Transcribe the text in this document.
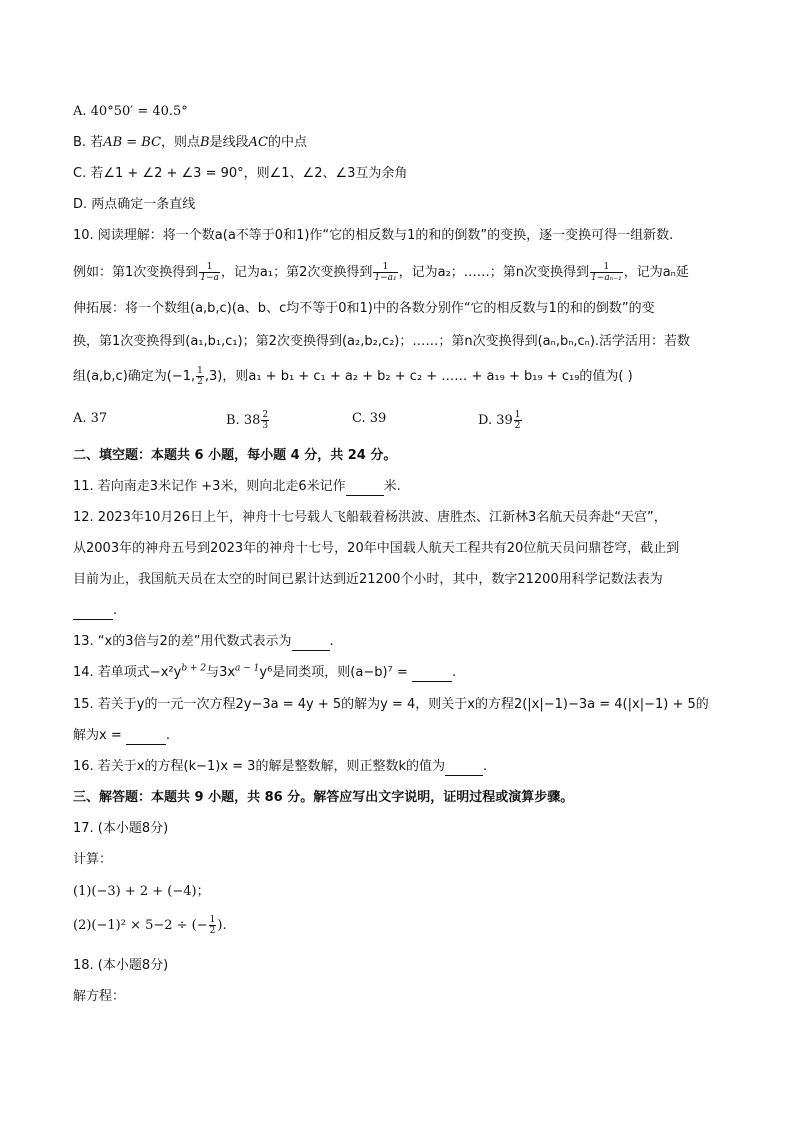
A. 40°50′ = 40.5°
B. 若AB = BC，则点B是线段AC的中点
C. 若∠1 + ∠2 + ∠3 = 90°，则∠1、∠2、∠3互为余角
D. 两点确定一条直线
10. 阅读理解：将一个数a(a不等于0和1)作“它的相反数与1的和的倒数”的变换，逐一变换可得一组新数.
例如：第1次变换得到 $\frac{1}{1-a}$ ，记为a₁；第2次变换得到 $\frac{1}{\text{1−a₁}}$ ，记为a₂；……；第n次变换得到 $\frac{1}{\text{1−aₙ₋₁}}$ ，记为aₙ延
伸拓展：将一个数组(a,b,c)(a、b、c均不等于0和1)中的各数分别作“它的相反数与1的和的倒数”的变
换，第1次变换得到(a₁,b₁,c₁)；第2次变换得到(a₂,b₂,c₂)；……；第n次变换得到(aₙ,bₙ,cₙ).活学活用：若数
组(a,b,c)确定为(−1, $\frac{1}{2} ,3$)，则a₁ + b₁ + c₁ + a₂ + b₂ + c₂ + …… + a₁₉ + b₁₉ + c₁₉的值为( )
A. 37	B. $38 \frac{2}{3}$	C. 39	D. $39 \frac{1}{2}$
二、填空题：本题共 6 小题，每小题 4 分，共 24 分。
11. 若向南走3米记作 +3米，则向北走6米记作	米.
12. 2023年10月26日上午，神舟十七号载人飞船载着杨洪波、唐胜杰、江新林3名航天员奔赴“天宫”，
从2003年的神舟五号到2023年的神舟十七号，20年中国载人航天工程共有20位航天员问鼎苍穹，截止到
目前为止，我国航天员在太空的时间已累计达到近21200个小时，其中，数字21200用科学记数法表为
.
13. “x的3倍与2的差”用代数式表示为	.
14. 若单项式$-x^2y^{b + 2}$与$3x^{a - 1}y^6$是同类项，则(a−b)⁷ =	.
15. 若关于y的一元一次方程2y−3a = 4y + 5的解为y = 4，则关于x的方程2(|x|−1)−3a = 4(|x|−1) + 5的
解为x =	.
16. 若关于x的方程(k−1)x = 3的解是整数解，则正整数k的值为	.
三、解答题：本题共 9 小题，共 86 分。解答应写出文字说明，证明过程或演算步骤。
17. (本小题8分)
计算：
(1)(−3) + 2 + (−4)；
(2)(−1)² × 5−2 ÷ (− $\frac{1}{2}$ ).
18. (本小题8分)
解方程：
